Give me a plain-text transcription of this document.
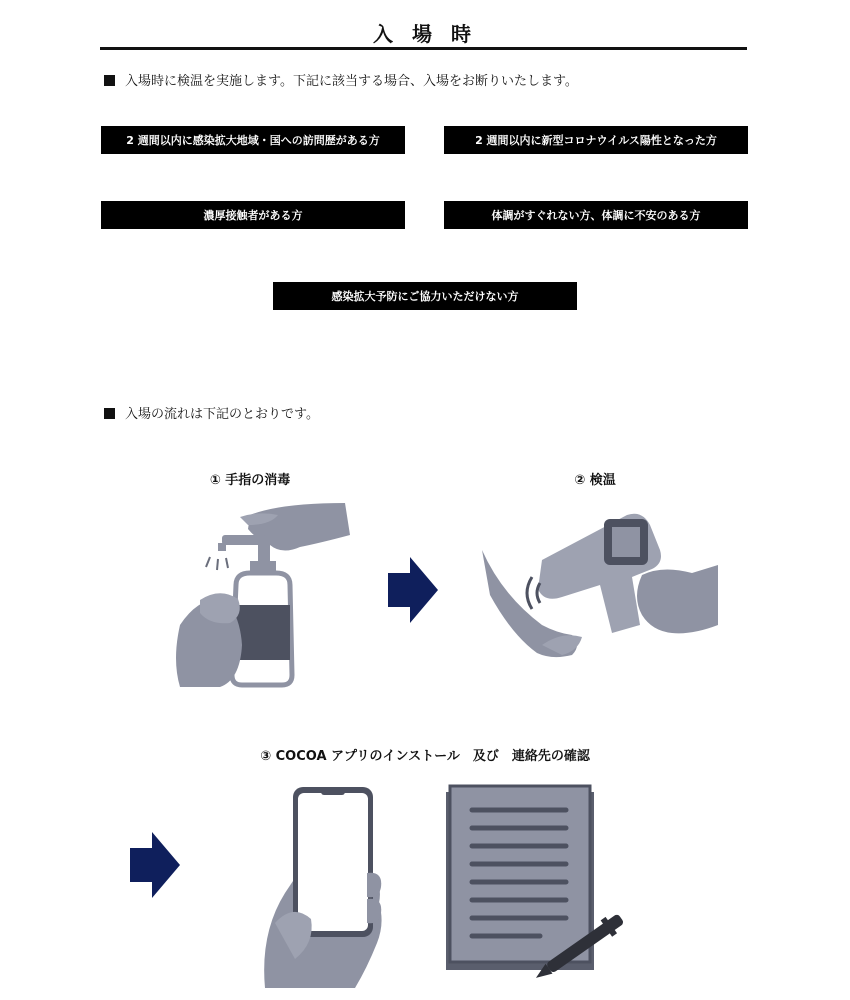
入 場 時
入場時に検温を実施します。下記に該当する場合、入場をお断りいたします。
2 週間以内に感染拡大地域・国への訪問歴がある方	2 週間以内に新型コロナウイルス陽性となった方
濃厚接触者がある方	体調がすぐれない方、体調に不安のある方
感染拡大予防にご協力いただけない方
入場の流れは下記のとおりです。
① 手指の消毒	② 検温
③ COCOA アプリのインストール　及び　連絡先の確認
